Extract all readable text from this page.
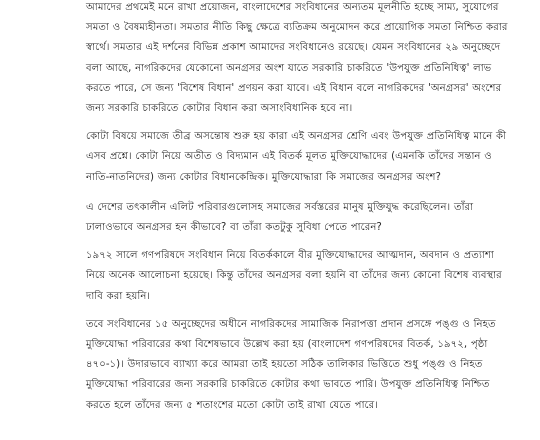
আমাদের প্রথমেই মনে রাখা প্রয়োজন, বাংলাদেশের সংবিধানের অন্যতম মূলনীতি হচ্ছে সাম্য, সুযোগের সমতা ও বৈষম্যহীনতা। সমতার নীতি কিছু ক্ষেত্রে ব্যতিক্রম অনুমোদন করে প্রায়োগিক সমতা নিশ্চিত করার স্বার্থে। সমতার এই দর্শনের বিভিন্ন প্রকাশ আমাদের সংবিধানেও রয়েছে। যেমন সংবিধানের ২৯ অনুচ্ছেদে বলা আছে, নাগরিকদের যেকোনো অনগ্রসর অংশ যাতে সরকারি চাকরিতে 'উপযুক্ত প্রতিনিধিত্ব' লাভ করতে পারে, সে জন্য 'বিশেষ বিধান' প্রণয়ন করা যাবে। এই বিধান বলে নাগরিকদের 'অনগ্রসর' অংশের জন্য সরকারি চাকরিতে কোটার বিধান করা অসাংবিধানিক হবে না।

কোটা বিষয়ে সমাজে তীব্র অসন্তোষ শুরু হয় কারা এই অনগ্রসর শ্রেণি এবং উপযুক্ত প্রতিনিধিত্ব মানে কী এসব প্রশ্নে। কোটা নিয়ে অতীত ও বিদ্যমান এই বিতর্ক মূলত মুক্তিযোদ্ধাদের (এমনকি তাঁদের সন্তান ও নাতি-নাতনিদের) জন্য কোটার বিধানকেন্দ্রিক। মুক্তিযোদ্ধারা কি সমাজের অনগ্রসর অংশ?

এ দেশের তৎকালীন এলিট পরিবারগুলোসহ সমাজের সর্বস্তরের মানুষ মুক্তিযুদ্ধ করেছিলেন। তাঁরা ঢালাওভাবে অনগ্রসর হন কীভাবে? বা তাঁরা কতটুকু সুবিধা পেতে পারেন?

১৯৭২ সালে গণপরিষদে সংবিধান নিয়ে বিতর্ককালে বীর মুক্তিযোদ্ধাদের আত্মদান, অবদান ও প্রত্যাশা নিয়ে অনেক আলোচনা হয়েছে। কিন্তু তাঁদের অনগ্রসর বলা হয়নি বা তাঁদের জন্য কোনো বিশেষ ব্যবস্থার দাবি করা হয়নি।

তবে সংবিধানের ১৫ অনুচ্ছেদের অধীনে নাগরিকদের সামাজিক নিরাপত্তা প্রদান প্রসঙ্গে পঙ্গু ও নিহত মুক্তিযোদ্ধা পরিবারের কথা বিশেষভাবে উল্লেখ করা হয় (বাংলাদেশ গণপরিষদের বিতর্ক, ১৯৭২, পৃষ্ঠা ৪৭০-১)। উদারভাবে ব্যাখ্যা করে আমরা তাই হয়তো সঠিক তালিকার ভিত্তিতে শুধু পঙ্গু ও নিহত মুক্তিযোদ্ধা পরিবারের জন্য সরকারি চাকরিতে কোটার কথা ভাবতে পারি। উপযুক্ত প্রতিনিধিত্ব নিশ্চিত করতে হলে তাঁদের জন্য ৫ শতাংশের মতো কোটা তাই রাখা যেতে পারে।
